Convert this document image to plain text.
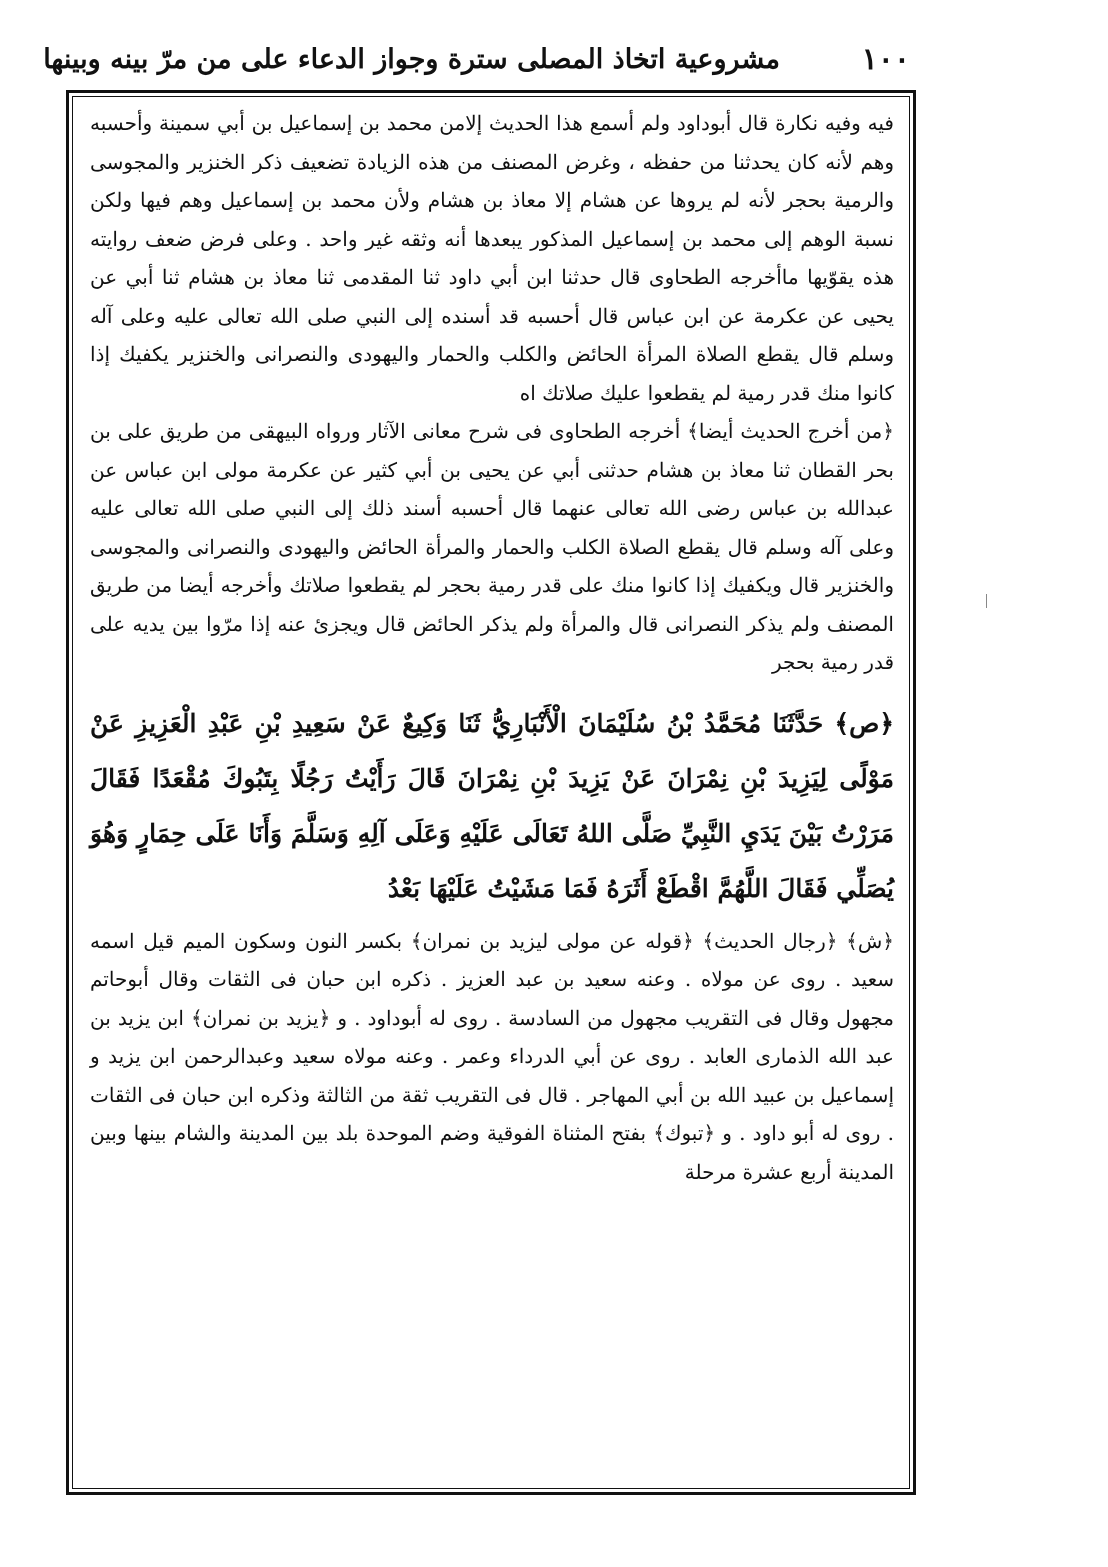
١٠٠
مشروعية اتخاذ المصلى سترة وجواز الدعاء على من مرّ بينه وبينها

فيه وفيه نكارة قال أبوداود ولم أسمع هذا الحديث إلامن محمد بن إسماعيل بن أبي سمينة وأحسبه وهم لأنه كان يحدثنا من حفظه ، وغرض المصنف من هذه الزيادة تضعيف ذكر الخنزير والمجوسى والرمية بحجر لأنه لم يروها عن هشام إلا معاذ بن هشام ولأن محمد بن إسماعيل وهم فيها ولكن نسبة الوهم إلى محمد بن إسماعيل المذكور يبعدها أنه وثقه غير واحد . وعلى فرض ضعف روايته هذه يقوّيها ماأخرجه الطحاوى قال حدثنا ابن أبي داود ثنا المقدمى ثنا معاذ بن هشام ثنا أبي عن يحيى عن عكرمة عن ابن عباس قال أحسبه قد أسنده إلى النبي صلى الله تعالى عليه وعلى آله وسلم قال يقطع الصلاة المرأة الحائض والكلب والحمار واليهودى والنصرانى والخنزير يكفيك إذا كانوا منك قدر رمية لم يقطعوا عليك صلاتك اه

﴿من أخرج الحديث أيضا﴾ أخرجه الطحاوى فى شرح معانى الآثار ورواه البيهقى من طريق على بن بحر القطان ثنا معاذ بن هشام حدثنى أبي عن يحيى بن أبي كثير عن عكرمة مولى ابن عباس عن عبدالله بن عباس رضى الله تعالى عنهما قال أحسبه أسند ذلك إلى النبي صلى الله تعالى عليه وعلى آله وسلم قال يقطع الصلاة الكلب والحمار والمرأة الحائض واليهودى والنصرانى والمجوسى والخنزير قال ويكفيك إذا كانوا منك على قدر رمية بحجر لم يقطعوا صلاتك وأخرجه أيضا من طريق المصنف ولم يذكر النصرانى قال والمرأة ولم يذكر الحائض قال ويجزئ عنه إذا مرّوا بين يديه على قدر رمية بحجر

﴿ص﴾ حَدَّثَنَا مُحَمَّدُ بْنُ سُلَيْمَانَ الْأَنْبَارِيُّ ثَنَا وَكِيعٌ عَنْ سَعِيدِ بْنِ عَبْدِ الْعَزِيزِ عَنْ مَوْلًى لِيَزِيدَ بْنِ نِمْرَانَ عَنْ يَزِيدَ بْنِ نِمْرَانَ قَالَ رَأَيْتُ رَجُلًا بِتَبُوكَ مُقْعَدًا فَقَالَ مَرَرْتُ بَيْنَ يَدَيِ النَّبِيِّ صَلَّى اللهُ تَعَالَى عَلَيْهِ وَعَلَى آلِهِ وَسَلَّمَ وَأَنَا عَلَى حِمَارٍ وَهُوَ يُصَلِّي فَقَالَ اللَّهُمَّ اقْطَعْ أَثَرَهُ فَمَا مَشَيْتُ عَلَيْهَا بَعْدُ

﴿ش﴾ ﴿رجال الحديث﴾ ﴿قوله عن مولى ليزيد بن نمران﴾ بكسر النون وسكون الميم قيل اسمه سعيد . روى عن مولاه . وعنه سعيد بن عبد العزيز . ذكره ابن حبان فى الثقات وقال أبوحاتم مجهول وقال فى التقريب مجهول من السادسة . روى له أبوداود . و ﴿يزيد بن نمران﴾ ابن يزيد بن عبد الله الذمارى العابد . روى عن أبي الدرداء وعمر . وعنه مولاه سعيد وعبدالرحمن ابن يزيد و إسماعيل بن عبيد الله بن أبي المهاجر . قال فى التقريب ثقة من الثالثة وذكره ابن حبان فى الثقات . روى له أبو داود . و ﴿تبوك﴾ بفتح المثناة الفوقية وضم الموحدة بلد بين المدينة والشام بينها وبين المدينة أربع عشرة مرحلة
